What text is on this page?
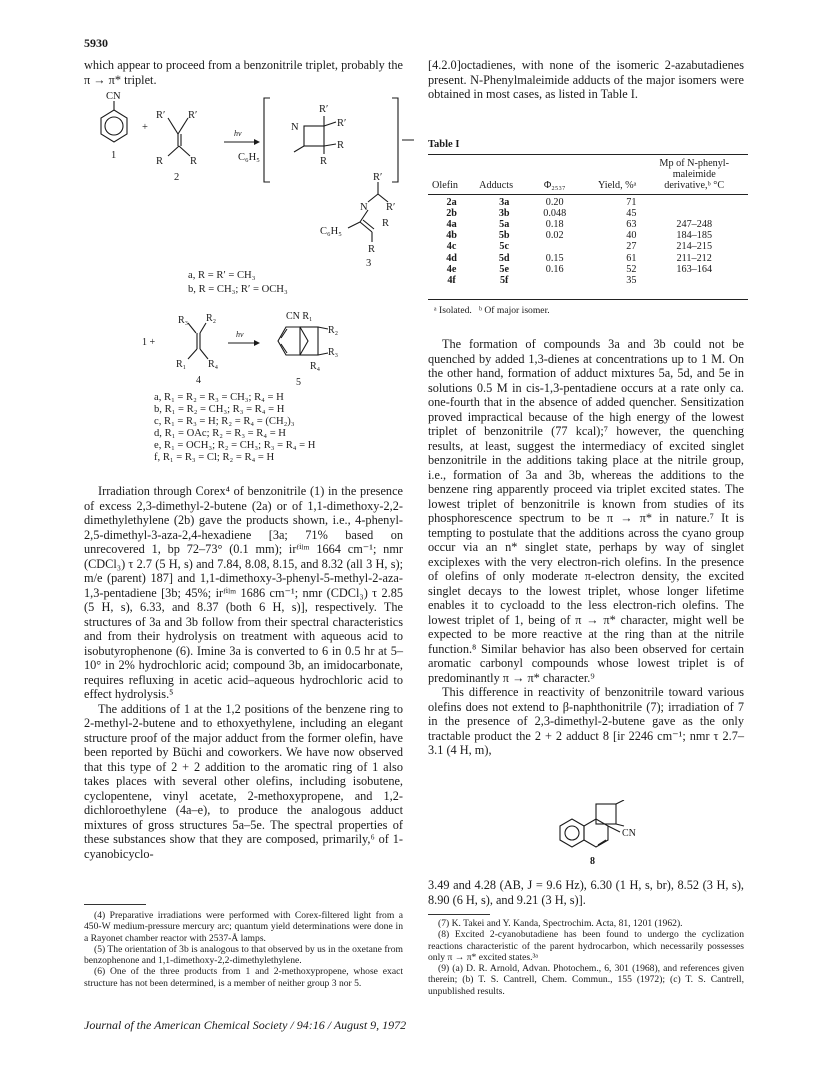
5930

which appear to proceed from a benzonitrile triplet, probably the π → π* triplet.

CN
1
+
R′ R′
R	R
2
hν
N
R′
R′
R
R
C₆H₅
R′
N R′
R
C₆H₅
R
3
a, R = R′ = CH₃
b, R = CH₃; R′ = OCH₃
1 +
R₃ R₂
R₁ R₄
4
hν
CN R₁
R₂
R₃
R₄
5
a, R₁ = R₂ = R₃ = CH₃; R₄ = H
b, R₁ = R₂ = CH₃; R₃ = R₄ = H
c, R₁ = R₃ = H; R₂ = R₄ = (CH₂)₃
d, R₁ = OAc; R₂ = R₃ = R₄ = H
e, R₁ = OCH₃; R₂ = CH₃; R₃ = R₄ = H
f, R₁ = R₃ = Cl; R₂ = R₄ = H

Irradiation through Corex⁴ of benzonitrile (1) in the presence of excess 2,3-dimethyl-2-butene (2a) or of 1,1-dimethoxy-2,2-dimethylethylene (2b) gave the products shown, i.e., 4-phenyl-2,5-dimethyl-3-aza-2,4-hexadiene [3a; 71% based on unrecovered 1, bp 72–73° (0.1 mm); irᶠⁱˡᵐ 1664 cm⁻¹; nmr (CDCl₃) τ 2.7 (5 H, s) and 7.84, 8.08, 8.15, and 8.32 (all 3 H, s); m/e (parent) 187] and 1,1-dimethoxy-3-phenyl-5-methyl-2-aza-1,3-pentadiene [3b; 45%; irᶠⁱˡᵐ 1686 cm⁻¹; nmr (CDCl₃) τ 2.85 (5 H, s), 6.33, and 8.37 (both 6 H, s)], respectively. The structures of 3a and 3b follow from their spectral characteristics and from their hydrolysis on treatment with aqueous acid to isobutyrophenone (6). Imine 3a is converted to 6 in 0.5 hr at 5–10° in 2% hydrochloric acid; compound 3b, an imidocarbonate, requires refluxing in acetic acid–aqueous hydrochloric acid to effect hydrolysis.⁵

The additions of 1 at the 1,2 positions of the benzene ring to 2-methyl-2-butene and to ethoxyethylene, including an elegant structure proof of the major adduct from the former olefin, have been reported by Büchi and coworkers. We have now observed that this type of 2 + 2 addition to the aromatic ring of 1 also takes places with several other olefins, including isobutene, cyclopentene, vinyl acetate, 2-methoxypropene, and 1,2-dichloroethylene (4a–e), to produce the analogous adduct mixtures of gross structures 5a–5e. The spectral properties of these substances show that they are composed, primarily,⁶ of 1-cyanobicyclo-

(4) Preparative irradiations were performed with Corex-filtered light from a 450-W medium-pressure mercury arc; quantum yield determinations were done in a Rayonet chamber reactor with 2537-Å lamps.

(5) The orientation of 3b is analogous to that observed by us in the oxetane from benzophenone and 1,1-dimethoxy-2,2-dimethylethylene.

(6) One of the three products from 1 and 2-methoxypropene, whose exact structure has not been determined, is a member of neither group 3 nor 5.

[4.2.0]octadienes, with none of the isomeric 2-azabutadienes present. N-Phenylmaleimide adducts of the major isomers were obtained in most cases, as listed in Table I.

Table I
				Mp of N-phenyl-
				maleimide
Olefin	Adducts	Φ₂₅₃₇	Yield, %ᵃ	derivative,ᵇ °C

2a	3a	0.20	71	
2b	3b	0.048	45	
4a	5a	0.18	63	247–248
4b	5b	0.02	40	184–185
4c	5c		27	214–215
4d	5d	0.15	61	211–212
4e	5e	0.16	52	163–164
4f	5f		35	
ᵃ Isolated.   ᵇ Of major isomer.

The formation of compounds 3a and 3b could not be quenched by added 1,3-dienes at concentrations up to 1 M. On the other hand, formation of adduct mixtures 5a, 5d, and 5e in solutions 0.5 M in cis-1,3-pentadiene occurs at a rate only ca. one-fourth that in the absence of added quencher. Sensitization proved impractical because of the high energy of the lowest triplet of benzonitrile (77 kcal);⁷ however, the quenching results, at least, suggest the intermediacy of excited singlet benzonitrile in the additions taking place at the nitrile group, i.e., formation of 3a and 3b, whereas the additions to the benzene ring apparently proceed via triplet excited states. The lowest triplet of benzonitrile is known from studies of its phosphorescence spectrum to be π → π* in nature.⁷ It is tempting to postulate that the additions across the cyano group occur via an n* singlet state, perhaps by way of singlet exciplexes with the very electron-rich olefins. In the presence of olefins of only moderate π-electron density, the excited singlet decays to the lowest triplet, whose longer lifetime enables it to cycloadd to the less electron-rich olefins. The lowest triplet of 1, being of π → π* character, might well be expected to be more reactive at the ring than at the nitrile function.⁸ Similar behavior has also been observed for certain aromatic carbonyl compounds whose lowest triplet is of predominantly π → π* character.⁹

This difference in reactivity of benzonitrile toward various olefins does not extend to β-naphthonitrile (7); irradiation of 7 in the presence of 2,3-dimethyl-2-butene gave as the only tractable product the 2 + 2 adduct 8 [ir 2246 cm⁻¹; nmr τ 2.7–3.1 (4 H, m),

CN
8

3.49 and 4.28 (AB, J = 9.6 Hz), 6.30 (1 H, s, br), 8.52 (3 H, s), 8.90 (6 H, s), and 9.21 (3 H, s)].

(7) K. Takei and Y. Kanda, Spectrochim. Acta, 81, 1201 (1962).

(8) Excited 2-cyanobutadiene has been found to undergo the cyclization reactions characteristic of the parent hydrocarbon, which necessarily possesses only π → π* excited states.³ᵃ

(9) (a) D. R. Arnold, Advan. Photochem., 6, 301 (1968), and references given therein; (b) T. S. Cantrell, Chem. Commun., 155 (1972); (c) T. S. Cantrell, unpublished results.

Journal of the American Chemical Society / 94:16 / August 9, 1972
